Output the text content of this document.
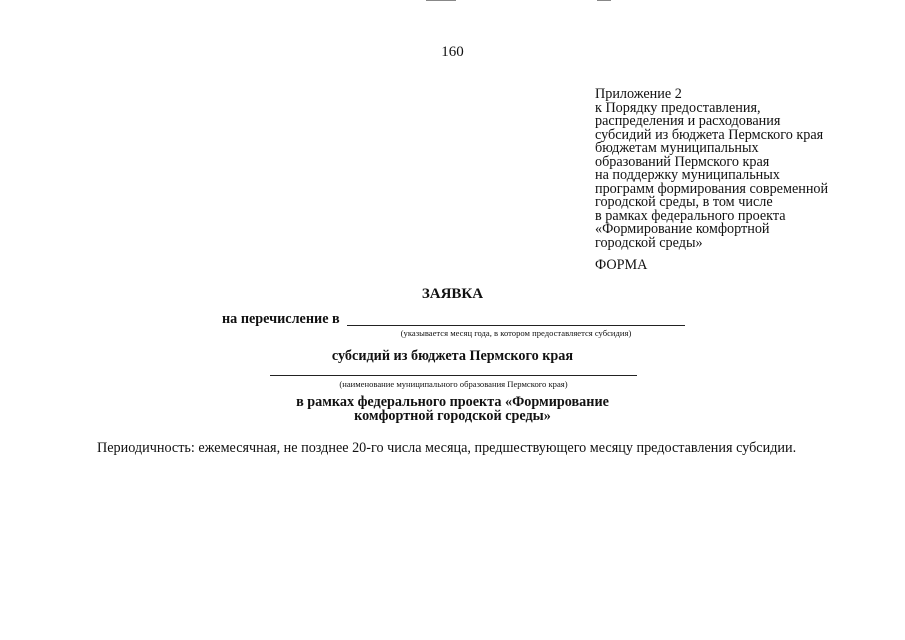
160
Приложение 2
к Порядку предоставления,
распределения и расходования
субсидий из бюджета Пермского края
бюджетам муниципальных
образований Пермского края
на поддержку муниципальных
программ формирования современной
городской среды, в том числе
в рамках федерального проекта
«Формирование комфортной
городской среды»
ФОРМА
ЗАЯВКА
на перечисление в
(указывается месяц года, в котором предоставляется субсидия)
субсидий из бюджета Пермского края
(наименование муниципального образования Пермского края)
в рамках федерального проекта «Формирование
комфортной городской среды»
Периодичность: ежемесячная, не позднее 20-го числа месяца, предшествующего месяцу предоставления субсидии.
